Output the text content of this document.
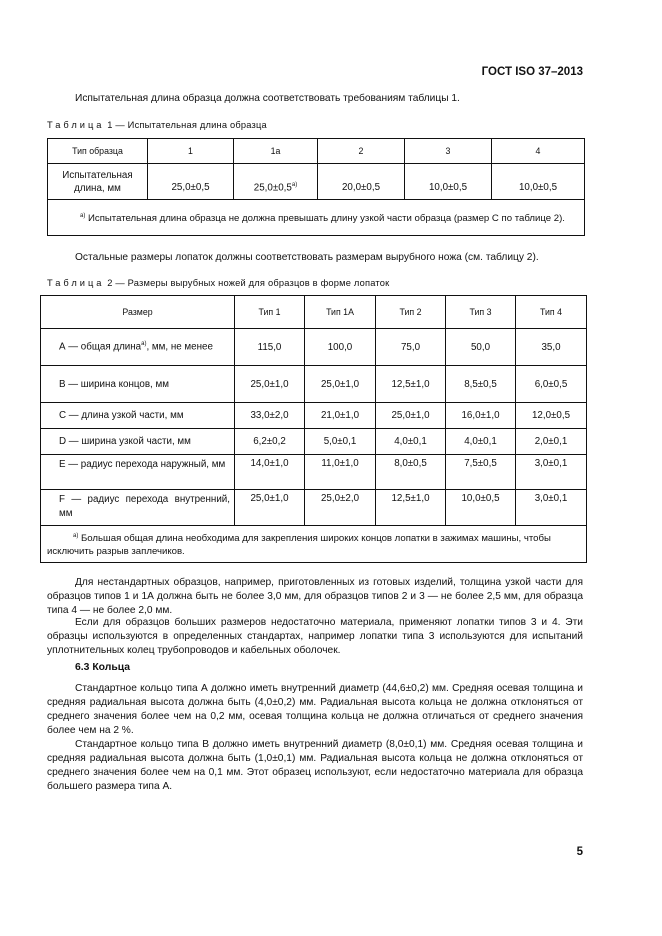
ГОСТ ISO 37–2013
Испытательная длина образца должна соответствовать требованиям таблицы 1.
Таблица 1 — Испытательная длина образца
Тип образца	1	1a	2	3	4
Испытательная длина, мм	25,0±0,5	$25,0\pm 0,5^{a)}$	20,0±0,5	10,0±0,5	10,0±0,5
$^{a)}$ Испытательная длина образца не должна превышать длину узкой части образца (размер С по таблице 2).					
Остальные размеры лопаток должны соответствовать размерам вырубного ножа (см. таблицу 2).
Таблица 2 — Размеры вырубных ножей для образцов в форме лопаток
Размер	Тип 1	Тип 1А	Тип 2	Тип 3	Тип 4
А — общая длина$^{a)}$, мм, не менее	115,0	100,0	75,0	50,0	35,0
В — ширина концов, мм	25,0±1,0	25,0±1,0	12,5±1,0	8,5±0,5	6,0±0,5
С — длина узкой части, мм	33,0±2,0	21,0±1,0	25,0±1,0	16,0±1,0	12,0±0,5
D — ширина узкой части, мм	6,2±0,2	5,0±0,1	4,0±0,1	4,0±0,1	2,0±0,1
Е — радиус перехода наружный, мм	14,0±1,0	11,0±1,0	8,0±0,5	7,5±0,5	3,0±0,1
F — радиус перехода внутренний, мм	25,0±1,0	25,0±2,0	12,5±1,0	10,0±0,5	3,0±0,1
$^{a)}$ Большая общая длина необходима для закрепления широких концов лопатки в зажимах машины, чтобы исключить разрыв заплечиков.					
Для нестандартных образцов, например, приготовленных из готовых изделий, толщина узкой части для образцов типов 1 и 1А должна быть не более 3,0 мм, для образцов типов 2 и 3 — не более 2,5 мм, для образца типа 4 — не более 2,0 мм.
Если для образцов больших размеров недостаточно материала, применяют лопатки типов 3 и 4. Эти образцы используются в определенных стандартах, например лопатки типа 3 используются для испытаний уплотнительных колец трубопроводов и кабельных оболочек.
6.3 Кольца
Стандартное кольцо типа А должно иметь внутренний диаметр (44,6±0,2) мм. Средняя осевая толщина и средняя радиальная высота должна быть (4,0±0,2) мм. Радиальная высота кольца не должна отклоняться от среднего значения более чем на 0,2 мм, осевая толщина кольца не должна отличаться от среднего значения более чем на 2 %.
Стандартное кольцо типа В должно иметь внутренний диаметр (8,0±0,1) мм. Средняя осевая толщина и средняя радиальная высота должна быть (1,0±0,1) мм. Радиальная высота кольца не должна отклоняться от среднего значения более чем на 0,1 мм. Этот образец используют, если недостаточно материала для образца большего размера типа А.
5
